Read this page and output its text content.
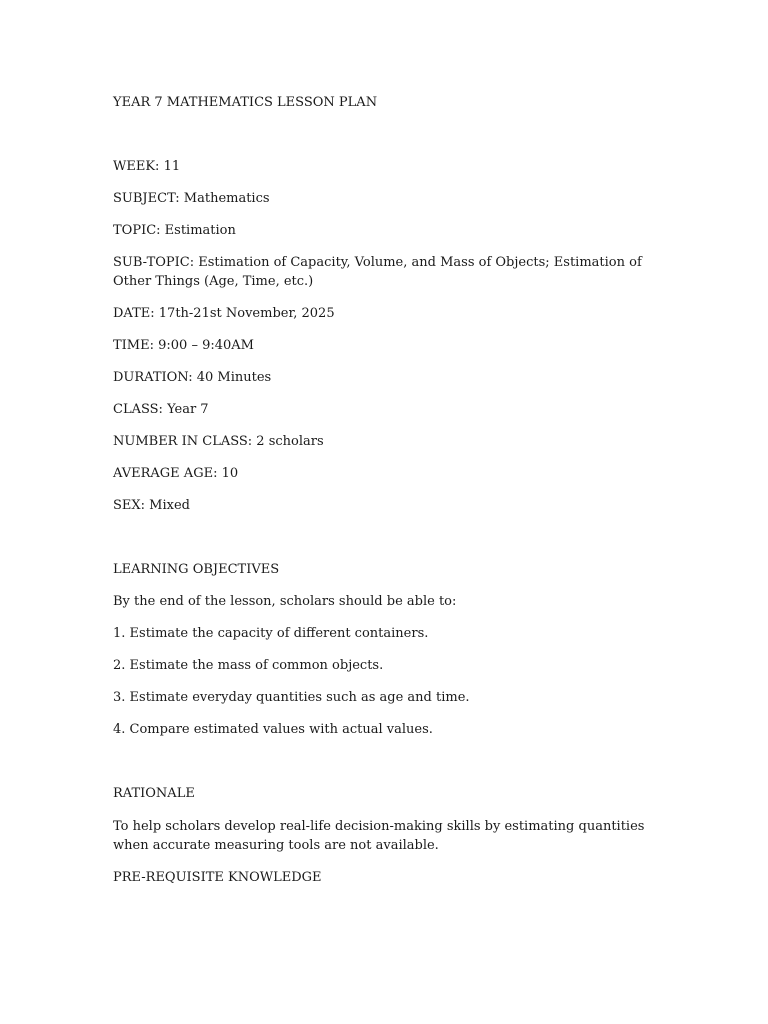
YEAR 7 MATHEMATICS LESSON PLAN

WEEK: 11

SUBJECT: Mathematics

TOPIC: Estimation

SUB-TOPIC: Estimation of Capacity, Volume, and Mass of Objects; Estimation of Other Things (Age, Time, etc.)

DATE: 17th-21st November, 2025

TIME: 9:00 – 9:40AM

DURATION: 40 Minutes

CLASS: Year 7

NUMBER IN CLASS: 2 scholars

AVERAGE AGE: 10

SEX: Mixed

LEARNING OBJECTIVES

By the end of the lesson, scholars should be able to:

1. Estimate the capacity of different containers.

2. Estimate the mass of common objects.

3. Estimate everyday quantities such as age and time.

4. Compare estimated values with actual values.

RATIONALE

To help scholars develop real-life decision-making skills by estimating quantities when accurate measuring tools are not available.

PRE-REQUISITE KNOWLEDGE
